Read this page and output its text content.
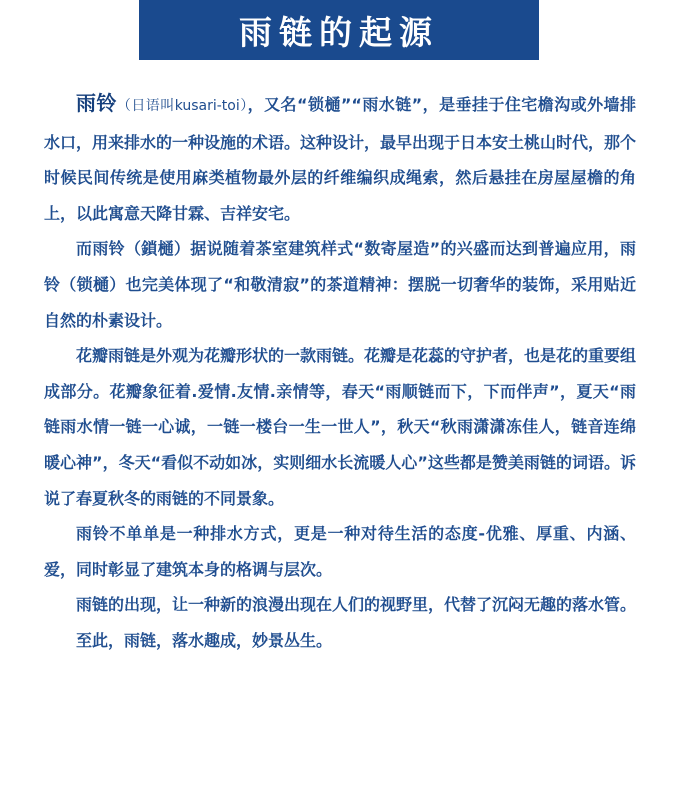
雨链的起源

雨铃（日语叫kusari-toi），又名“锁樋”“雨水链”，是垂挂于住宅檐沟或外墙排水口，用来排水的一种设施的术语。这种设计，最早出现于日本安土桃山时代，那个时候民间传统是使用麻类植物最外层的纤维编织成绳索，然后悬挂在房屋屋檐的角上，以此寓意天降甘霖、吉祥安宅。

而雨铃（鎖樋）据说随着茶室建筑样式“数寄屋造”的兴盛而达到普遍应用，雨铃（锁樋）也完美体现了“和敬清寂”的茶道精神：摆脱一切奢华的装饰，采用贴近自然的朴素设计。

花瓣雨链是外观为花瓣形状的一款雨链。花瓣是花蕊的守护者，也是花的重要组成部分。花瓣象征着.爱情.友情.亲情等，春天“雨顺链而下，下而伴声”，夏天“雨链雨水情一链一心诚，一链一楼台一生一世人”，秋天“秋雨潇潇冻佳人，链音连绵暖心神”，冬天“看似不动如冰，实则细水长流暖人心”这些都是赞美雨链的词语。诉说了春夏秋冬的雨链的不同景象。

雨铃不单单是一种排水方式，更是一种对待生活的态度-优雅、厚重、内涵、爱，同时彰显了建筑本身的格调与层次。

雨链的出现，让一种新的浪漫出现在人们的视野里，代替了沉闷无趣的落水管。

至此，雨链，落水趣成，妙景丛生。
